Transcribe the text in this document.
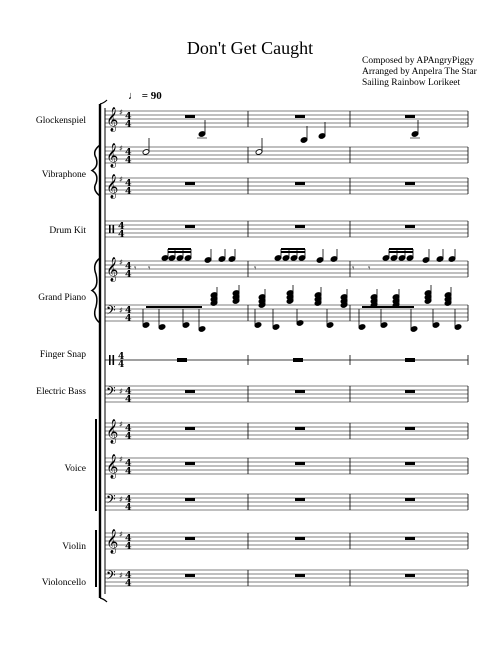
Don't Get Caught
Composed by APAngryPiggy
Arranged by Anpelra The Star
Sailing Rainbow Lorikeet
♩ = 90
Glockenspiel
Vibraphone
Drum Kit
Grand Piano
Finger Snap
Electric Bass
Voice
Violin
Violoncello
𝄞 ♯ 4
4
𝄞 ♯ 4
4
𝄞 ♯ 4
4
4
4
𝄞 ♯ 4
4
𝄢 ♯ 4
4
4
4
𝄢 ♯ 4
4
𝄞 ♯ 4
4
𝄞 ♯ 4
4
𝄢 ♯ 4
4
𝄞 ♯ 4
4
𝄢 ♯ 4
4
𝄾 𝄾	𝄾	𝄾 𝄾
